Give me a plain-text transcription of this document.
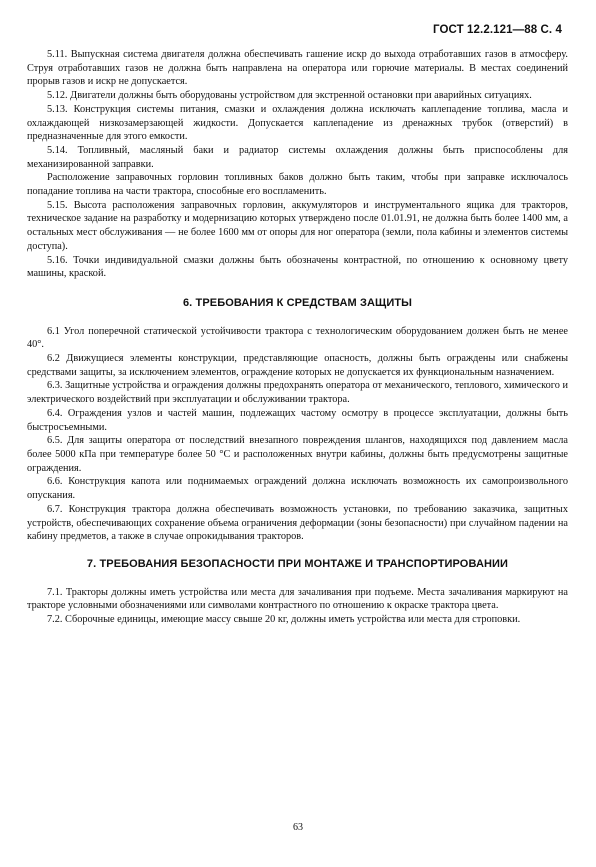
ГОСТ 12.2.121—88 С. 4

5.11. Выпускная система двигателя должна обеспечивать гашение искр до выхода отработавших газов в атмосферу. Струя отработавших газов не должна быть направлена на оператора или горючие материалы. В местах соединений прорыв газов и искр не допускается.

5.12. Двигатели должны быть оборудованы устройством для экстренной остановки при аварийных ситуациях.

5.13. Конструкция системы питания, смазки и охлаждения должна исключать каплепадение топлива, масла и охлаждающей низкозамерзающей жидкости. Допускается каплепадение из дренажных трубок (отверстий) в предназначенные для этого емкости.

5.14. Топливный, масляный баки и радиатор системы охлаждения должны быть приспособлены для механизированной заправки.

Расположение заправочных горловин топливных баков должно быть таким, чтобы при заправке исключалось попадание топлива на части трактора, способные его воспламенить.

5.15. Высота расположения заправочных горловин, аккумуляторов и инструментального ящика для тракторов, техническое задание на разработку и модернизацию которых утверждено после 01.01.91, не должна быть более 1400 мм, а остальных мест обслуживания — не более 1600 мм от опоры для ног оператора (земли, пола кабины и элементов системы доступа).

5.16. Точки индивидуальной смазки должны быть обозначены контрастной, по отношению к основному цвету машины, краской.

6. ТРЕБОВАНИЯ К СРЕДСТВАМ ЗАЩИТЫ

6.1 Угол поперечной статической устойчивости трактора с технологическим оборудованием должен быть не менее 40°.

6.2 Движущиеся элементы конструкции, представляющие опасность, должны быть ограждены или снабжены средствами защиты, за исключением элементов, ограждение которых не допускается их функциональным назначением.

6.3. Защитные устройства и ограждения должны предохранять оператора от механического, теплового, химического и электрического воздействий при эксплуатации и обслуживании трактора.

6.4. Ограждения узлов и частей машин, подлежащих частому осмотру в процессе эксплуатации, должны быть быстросъемными.

6.5. Для защиты оператора от последствий внезапного повреждения шлангов, находящихся под давлением масла более 5000 кПа при температуре более 50 °С и расположенных внутри кабины, должны быть предусмотрены защитные ограждения.

6.6. Конструкция капота или поднимаемых ограждений должна исключать возможность их самопроизвольного опускания.

6.7. Конструкция трактора должна обеспечивать возможность установки, по требованию заказчика, защитных устройств, обеспечивающих сохранение объема ограничения деформации (зоны безопасности) при случайном падении на кабину предметов, а также в случае опрокидывания тракторов.

7. ТРЕБОВАНИЯ БЕЗОПАСНОСТИ ПРИ МОНТАЖЕ И ТРАНСПОРТИРОВАНИИ

7.1. Тракторы должны иметь устройства или места для зачаливания при подъеме. Места зачаливания маркируют на тракторе условными обозначениями или символами контрастного по отношению к окраске трактора цвета.

7.2. Сборочные единицы, имеющие массу свыше 20 кг, должны иметь устройства или места для строповки.

63
